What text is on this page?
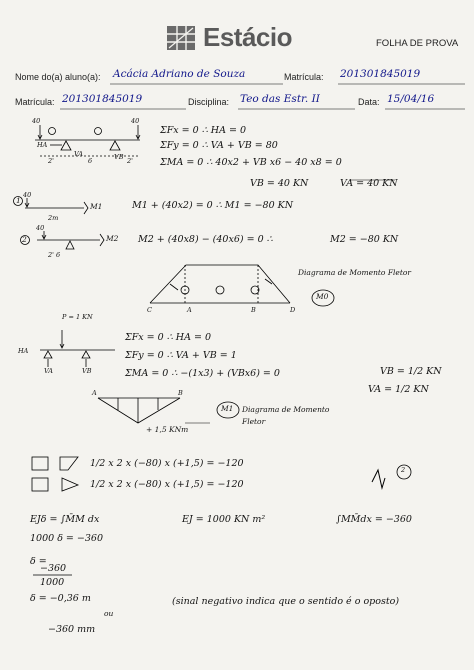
Estácio	FOLHA DE PROVA
Nome do(a) aluno(a): Acácia Adriano de Souza	Matrícula: 201301845019
Matrícula: 201301845019	Disciplina: Teo das Estr. II	Data: 15/04/16
40	40
HA
VA	VB
2'	6	2'
ΣFx = 0 ∴ HA = 0
ΣFy = 0 ∴ VA + VB = 80
ΣMA = 0 ∴ 40x2 + VB x6 − 40 x8 = 0
VB = 40 KN	VA = 40 KN
1
40
2m
M1	M1 + (40x2) = 0 ∴ M1 = −80 KN
2
40
M2 M2 + (40x8) − (40x6) = 0 ∴	M2 = −80 KN
2' 6
Diagrama de Momento Fletor
M0
C	A	B	D
P = 1 KN
HA
VA	VB
ΣFx = 0 ∴ HA = 0
ΣFy = 0 ∴ VA + VB = 1
ΣMA = 0 ∴ −(1x3) + (VBx6) = 0	VB = 1/2 KN
VA = 1/2 KN
A	B
+ 1,5 KNm
M1 Diagrama de Momento Fletor
1/2 x 2 x (−80) x (+1,5) = −120
1/2 x 2 x (−80) x (+1,5) = −120
2
EJδ = ∫M̄M dx	EJ = 1000 KN m²	∫MM̄dx = −360
1000 δ = −360
δ =
−360
1000
δ = −0,36 m
ou
−360 mm
(sinal negativo indica que o sentido é o oposto)
